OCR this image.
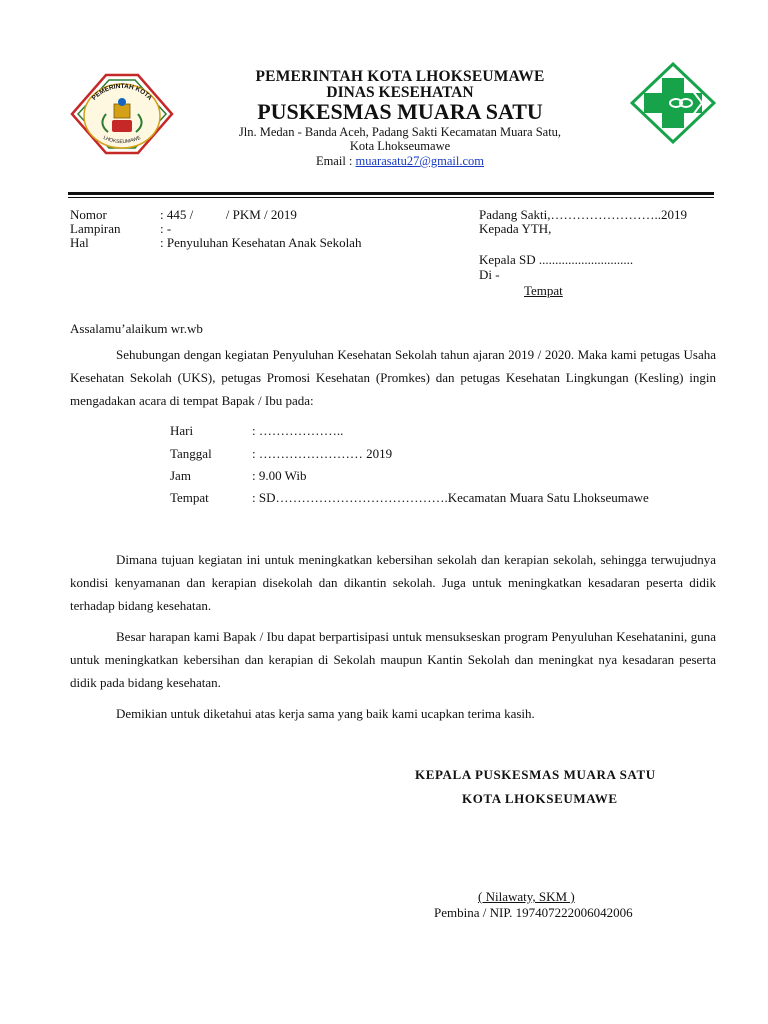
PEMERINTAH KOTA
LHOKSEUMAWE
PEMERINTAH KOTA LHOKSEUMAWE
DINAS KESEHATAN
PUSKESMAS MUARA SATU
Jln. Medan - Banda Aceh, Padang Sakti Kecamatan Muara Satu,
Kota Lhokseumawe
Email : muarasatu27@gmail.com
Nomor	: 445 /          / PKM / 2019
Lampiran	: -
Hal	: Penyuluhan Kesehatan Anak Sekolah
Padang Sakti,……………………..2019
Kepada YTH,
Kepala SD .............................
Di -
Tempat
Assalamu’alaikum wr.wb
Sehubungan dengan kegiatan Penyuluhan Kesehatan Sekolah tahun ajaran 2019 / 2020. Maka kami petugas Usaha Kesehatan Sekolah (UKS), petugas Promosi Kesehatan (Promkes) dan petugas Kesehatan Lingkungan (Kesling) ingin mengadakan acara di tempat Bapak / Ibu pada:
Hari	: ………………..
Tanggal	: …………………… 2019
Jam	: 9.00 Wib
Tempat	: SD………………………………….Kecamatan Muara Satu Lhokseumawe
Dimana tujuan kegiatan ini untuk meningkatkan kebersihan sekolah dan kerapian sekolah, sehingga terwujudnya kondisi kenyamanan dan kerapian disekolah dan dikantin sekolah. Juga untuk meningkatkan kesadaran peserta didik terhadap bidang kesehatan.
Besar harapan kami Bapak / Ibu dapat berpartisipasi untuk mensukseskan program Penyuluhan Kesehatanini, guna untuk meningkatkan kebersihan dan kerapian di Sekolah maupun Kantin Sekolah dan meningkat nya kesadaran peserta didik pada bidang kesehatan.
Demikian untuk diketahui atas kerja sama yang baik kami ucapkan terima kasih.
KEPALA PUSKESMAS MUARA SATU
KOTA LHOKSEUMAWE
( Nilawaty, SKM )
Pembina / NIP. 197407222006042006
